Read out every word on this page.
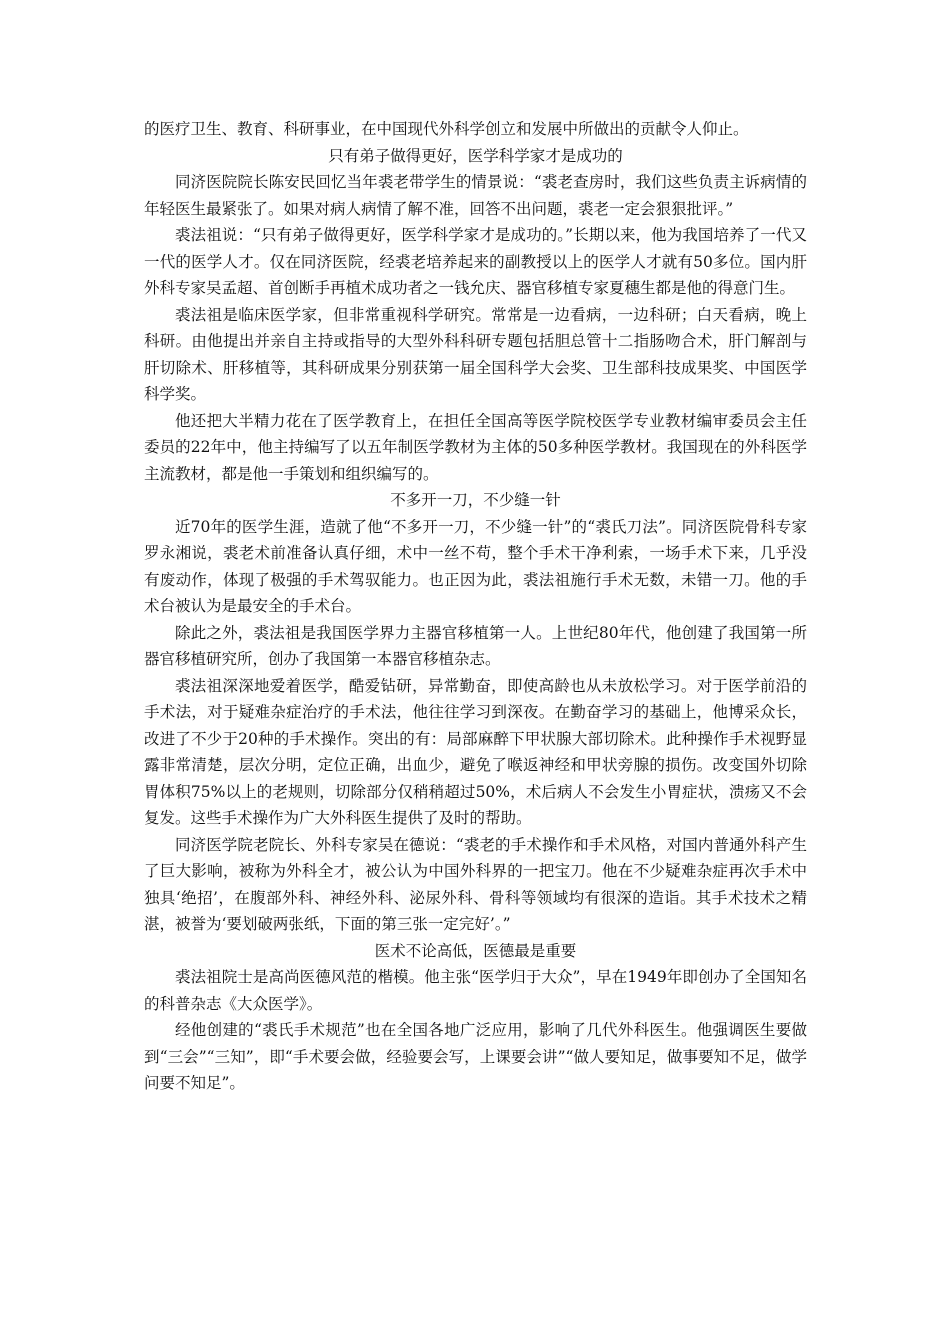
的医疗卫生、教育、科研事业，在中国现代外科学创立和发展中所做出的贡献令人仰止。

只有弟子做得更好，医学科学家才是成功的

同济医院院长陈安民回忆当年裘老带学生的情景说：“裘老查房时，我们这些负责主诉病情的年轻医生最紧张了。如果对病人病情了解不准，回答不出问题，裘老一定会狠狠批评。”

裘法祖说：“只有弟子做得更好，医学科学家才是成功的。”长期以来，他为我国培养了一代又一代的医学人才。仅在同济医院，经裘老培养起来的副教授以上的医学人才就有50多位。国内肝外科专家吴孟超、首创断手再植术成功者之一钱允庆、器官移植专家夏穗生都是他的得意门生。

裘法祖是临床医学家，但非常重视科学研究。常常是一边看病，一边科研；白天看病，晚上科研。由他提出并亲自主持或指导的大型外科科研专题包括胆总管十二指肠吻合术，肝门解剖与肝切除术、肝移植等，其科研成果分别获第一届全国科学大会奖、卫生部科技成果奖、中国医学科学奖。

他还把大半精力花在了医学教育上，在担任全国高等医学院校医学专业教材编审委员会主任委员的22年中，他主持编写了以五年制医学教材为主体的50多种医学教材。我国现在的外科医学主流教材，都是他一手策划和组织编写的。

不多开一刀，不少缝一针

近70年的医学生涯，造就了他“不多开一刀，不少缝一针”的“裘氏刀法”。同济医院骨科专家罗永湘说，裘老术前准备认真仔细，术中一丝不苟，整个手术干净利索，一场手术下来，几乎没有废动作，体现了极强的手术驾驭能力。也正因为此，裘法祖施行手术无数，未错一刀。他的手术台被认为是最安全的手术台。

除此之外，裘法祖是我国医学界力主器官移植第一人。上世纪80年代，他创建了我国第一所器官移植研究所，创办了我国第一本器官移植杂志。

裘法祖深深地爱着医学，酷爱钻研，异常勤奋，即使高龄也从未放松学习。对于医学前沿的手术法，对于疑难杂症治疗的手术法，他往往学习到深夜。在勤奋学习的基础上，他博采众长，改进了不少于20种的手术操作。突出的有：局部麻醉下甲状腺大部切除术。此种操作手术视野显露非常清楚，层次分明，定位正确，出血少，避免了喉返神经和甲状旁腺的损伤。改变国外切除胃体积75%以上的老规则，切除部分仅稍稍超过50%，术后病人不会发生小胃症状，溃疡又不会复发。这些手术操作为广大外科医生提供了及时的帮助。

同济医学院老院长、外科专家吴在德说：“裘老的手术操作和手术风格，对国内普通外科产生了巨大影响，被称为外科全才，被公认为中国外科界的一把宝刀。他在不少疑难杂症再次手术中独具‘绝招’，在腹部外科、神经外科、泌尿外科、骨科等领域均有很深的造诣。其手术技术之精湛，被誉为‘要划破两张纸，下面的第三张一定完好’。”

医术不论高低，医德最是重要

裘法祖院士是高尚医德风范的楷模。他主张“医学归于大众”，早在1949年即创办了全国知名的科普杂志《大众医学》。

经他创建的“裘氏手术规范”也在全国各地广泛应用，影响了几代外科医生。他强调医生要做到“三会”“三知”，即“手术要会做，经验要会写，上课要会讲”“做人要知足，做事要知不足，做学问要不知足”。
